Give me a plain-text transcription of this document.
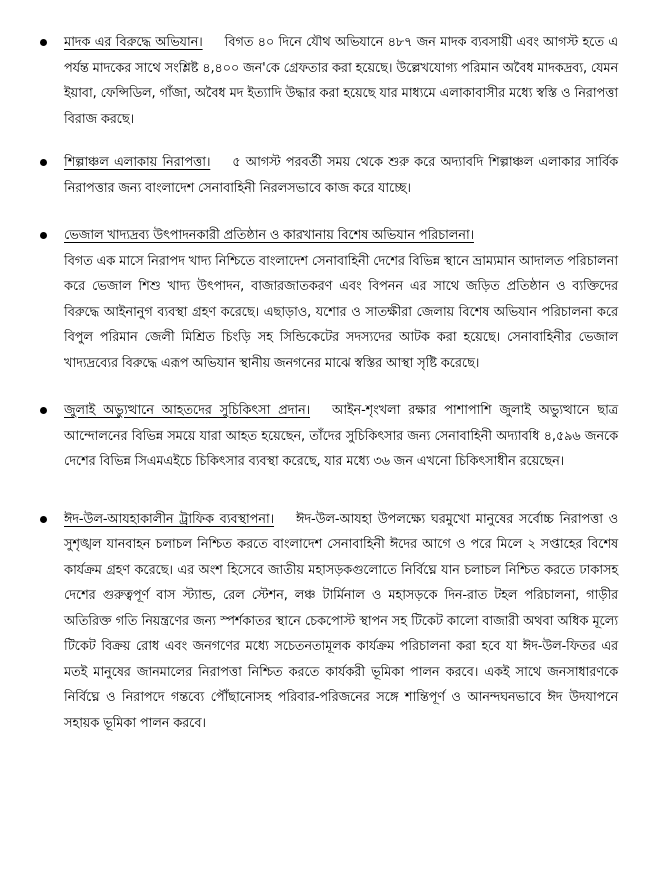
মাদক এর বিরুদ্ধে অভিযান। বিগত ৪০ দিনে যৌথ অভিযানে ৪৮৭ জন মাদক ব্যবসায়ী এবং আগস্ট হতে এ পর্যন্ত মাদকের সাথে সংশ্লিষ্ট ৪,৪০০ জন'কে গ্রেফতার করা হয়েছে। উল্লেখযোগ্য পরিমান অবৈধ মাদকদ্রব্য, যেমন ইয়াবা, ফেন্সিডিল, গাঁজা, অবৈধ মদ ইত্যাদি উদ্ধার করা হয়েছে যার মাধ্যমে এলাকাবাসীর মধ্যে স্বস্তি ও নিরাপত্তা বিরাজ করছে।

শিল্পাঞ্চল এলাকায় নিরাপত্তা। ৫ আগস্ট পরবর্তী সময় থেকে শুরু করে অদ্যাবদি শিল্পাঞ্চল এলাকার সার্বিক নিরাপত্তার জন্য বাংলাদেশ সেনাবাহিনী নিরলসভাবে কাজ করে যাচ্ছে।

ভেজাল খাদ্যদ্রব্য উৎপাদনকারী প্রতিষ্ঠান ও কারখানায় বিশেষ অভিযান পরিচালনা।
বিগত এক মাসে নিরাপদ খাদ্য নিশ্চিতে বাংলাদেশ সেনাবাহিনী দেশের বিভিন্ন স্থানে ভ্রাম্যমান আদালত পরিচালনা করে ভেজাল শিশু খাদ্য উৎপাদন, বাজারজাতকরণ এবং বিপনন এর সাথে জড়িত প্রতিষ্ঠান ও ব্যক্তিদের বিরুদ্ধে আইনানুগ ব্যবস্থা গ্রহণ করেছে। এছাড়াও, যশোর ও সাতক্ষীরা জেলায় বিশেষ অভিযান পরিচালনা করে বিপুল পরিমান জেলী মিশ্রিত চিংড়ি সহ সিন্ডিকেটের সদস্যদের আটক করা হয়েছে। সেনাবাহিনীর ভেজাল খাদ্যদ্রব্যের বিরুদ্ধে এরূপ অভিযান স্থানীয় জনগনের মাঝে স্বস্তির আস্থা সৃষ্টি করেছে।

জুলাই অভ্যুত্থানে আহতদের সুচিকিৎসা প্রদান। আইন-শৃংখলা রক্ষার পাশাপাশি জুলাই অভ্যুত্থানে ছাত্র আন্দোলনের বিভিন্ন সময়ে যারা আহত হয়েছেন, তাঁদের সুচিকিৎসার জন্য সেনাবাহিনী অদ্যাবধি ৪,৫৯৬ জনকে দেশের বিভিন্ন সিএমএইচে চিকিৎসার ব্যবস্থা করেছে, যার মধ্যে ৩৬ জন এখনো চিকিৎসাধীন রয়েছেন।

ঈদ-উল-আযহাকালীন ট্রাফিক ব্যবস্থাপনা। ঈদ-উল-আযহা উপলক্ষ্যে ঘরমুখো মানুষের সর্বোচ্চ নিরাপত্তা ও সুশৃঙ্খল যানবাহন চলাচল নিশ্চিত করতে বাংলাদেশ সেনাবাহিনী ঈদের আগে ও পরে মিলে ২ সপ্তাহের বিশেষ কার্যক্রম গ্রহণ করেছে। এর অংশ হিসেবে জাতীয় মহাসড়কগুলোতে নির্বিঘ্নে যান চলাচল নিশ্চিত করতে ঢাকাসহ দেশের গুরুত্বপূর্ণ বাস স্ট্যান্ড, রেল স্টেশন, লঞ্চ টার্মিনাল ও মহাসড়কে দিন-রাত টহল পরিচালনা, গাড়ীর অতিরিক্ত গতি নিয়ন্ত্রণের জন্য স্পর্শকাতর স্থানে চেকপোস্ট স্থাপন সহ টিকেট কালো বাজারী অথবা অধিক মূল্যে টিকেট বিক্রয় রোধ এবং জনগণের মধ্যে সচেতনতামূলক কার্যক্রম পরিচালনা করা হবে যা ঈদ-উল-ফিতর এর মতই মানুষের জানমালের নিরাপত্তা নিশ্চিত করতে কার্যকরী ভূমিকা পালন করবে। একই সাথে জনসাধারণকে নির্বিঘ্নে ও নিরাপদে গন্তব্যে পৌঁছানোসহ পরিবার-পরিজনের সঙ্গে শান্তিপূর্ণ ও আনন্দঘনভাবে ঈদ উদযাপনে সহায়ক ভূমিকা পালন করবে।
